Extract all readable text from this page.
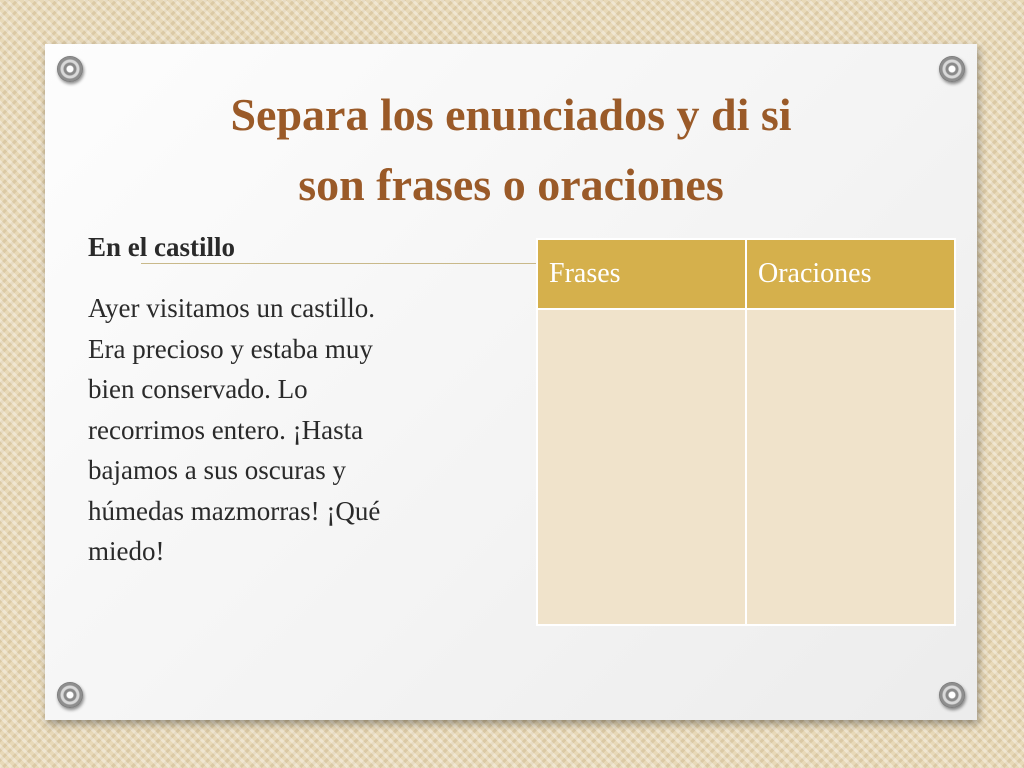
Separa los enunciados y di si
son frases o oraciones

En el castillo

Ayer visitamos un castillo.
Era precioso y estaba muy
bien conservado. Lo
recorrimos entero. ¡Hasta
bajamos a sus oscuras y
húmedas mazmorras! ¡Qué
miedo!

Frases	Oraciones
